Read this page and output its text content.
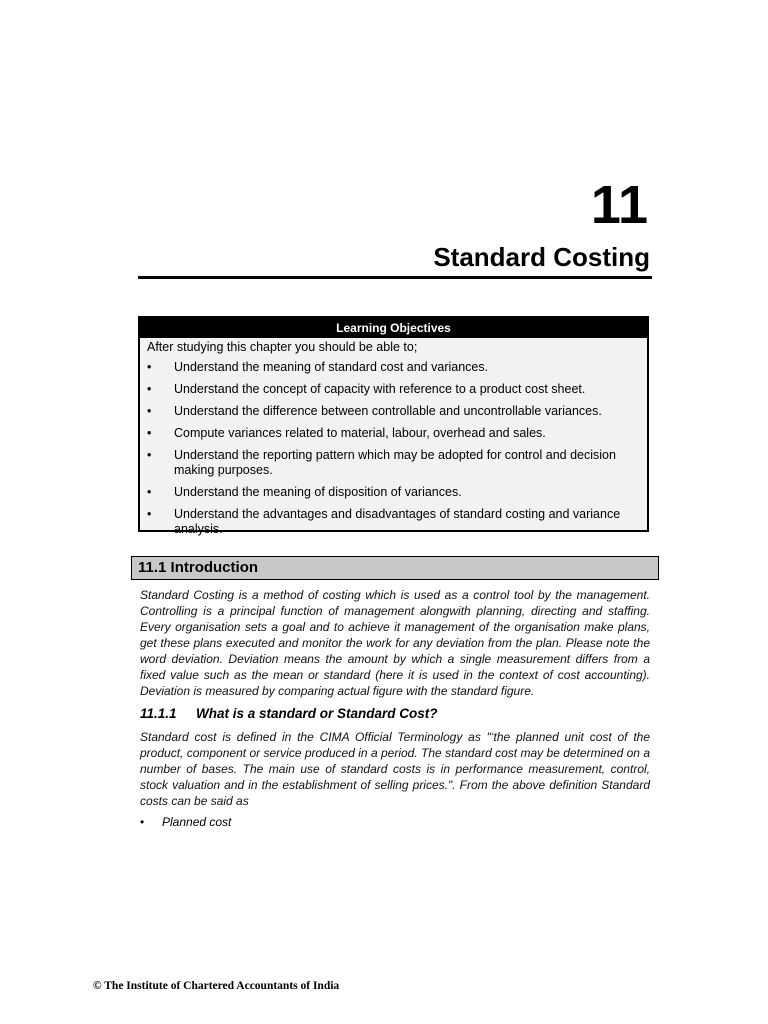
11
Standard Costing
Learning Objectives
After studying this chapter you should be able to;
• Understand the meaning of standard cost and variances.
• Understand the concept of capacity with reference to a product cost sheet.
• Understand the difference between controllable and uncontrollable variances.
• Compute variances related to material, labour, overhead and sales.
• Understand the reporting pattern which may be adopted for control and decision making purposes.
• Understand the meaning of disposition of variances.
• Understand the advantages and disadvantages of standard costing and variance analysis.
11.1 Introduction
Standard Costing is a method of costing which is used as a control tool by the management. Controlling is a principal function of management alongwith planning, directing and staffing. Every organisation sets a goal and to achieve it management of the organisation make plans, get these plans executed and monitor the work for any deviation from the plan. Please note the word deviation. Deviation means the amount by which a single measurement differs from a fixed value such as the mean or standard (here it is used in the context of cost accounting). Deviation is measured by comparing actual figure with the standard figure.
11.1.1 What is a standard or Standard Cost?
Standard cost is defined in the CIMA Official Terminology as "‘the planned unit cost of the product, component or service produced in a period. The standard cost may be determined on a number of bases. The main use of standard costs is in performance measurement, control, stock valuation and in the establishment of selling prices.". From the above definition Standard costs can be said as
• Planned cost
© The Institute of Chartered Accountants of India
